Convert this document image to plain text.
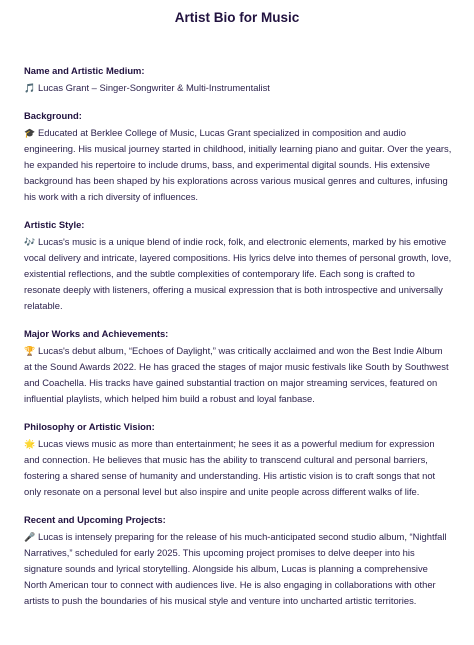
Artist Bio for Music
Name and Artistic Medium:

🎵 Lucas Grant – Singer-Songwriter & Multi-Instrumentalist

Background:

🎓 Educated at Berklee College of Music, Lucas Grant specialized in composition and audio engineering. His musical journey started in childhood, initially learning piano and guitar. Over the years, he expanded his repertoire to include drums, bass, and experimental digital sounds. His extensive background has been shaped by his explorations across various musical genres and cultures, infusing his work with a rich diversity of influences.

Artistic Style:

🎶 Lucas's music is a unique blend of indie rock, folk, and electronic elements, marked by his emotive vocal delivery and intricate, layered compositions. His lyrics delve into themes of personal growth, love, existential reflections, and the subtle complexities of contemporary life. Each song is crafted to resonate deeply with listeners, offering a musical expression that is both introspective and universally relatable.

Major Works and Achievements:

🏆 Lucas's debut album, “Echoes of Daylight,” was critically acclaimed and won the Best Indie Album at the Sound Awards 2022. He has graced the stages of major music festivals like South by Southwest and Coachella. His tracks have gained substantial traction on major streaming services, featured on influential playlists, which helped him build a robust and loyal fanbase.

Philosophy or Artistic Vision:

🌟 Lucas views music as more than entertainment; he sees it as a powerful medium for expression and connection. He believes that music has the ability to transcend cultural and personal barriers, fostering a shared sense of humanity and understanding. His artistic vision is to craft songs that not only resonate on a personal level but also inspire and unite people across different walks of life.

Recent and Upcoming Projects:

🎤 Lucas is intensely preparing for the release of his much-anticipated second studio album, “Nightfall Narratives,” scheduled for early 2025. This upcoming project promises to delve deeper into his signature sounds and lyrical storytelling. Alongside his album, Lucas is planning a comprehensive North American tour to connect with audiences live. He is also engaging in collaborations with other artists to push the boundaries of his musical style and venture into uncharted artistic territories.
